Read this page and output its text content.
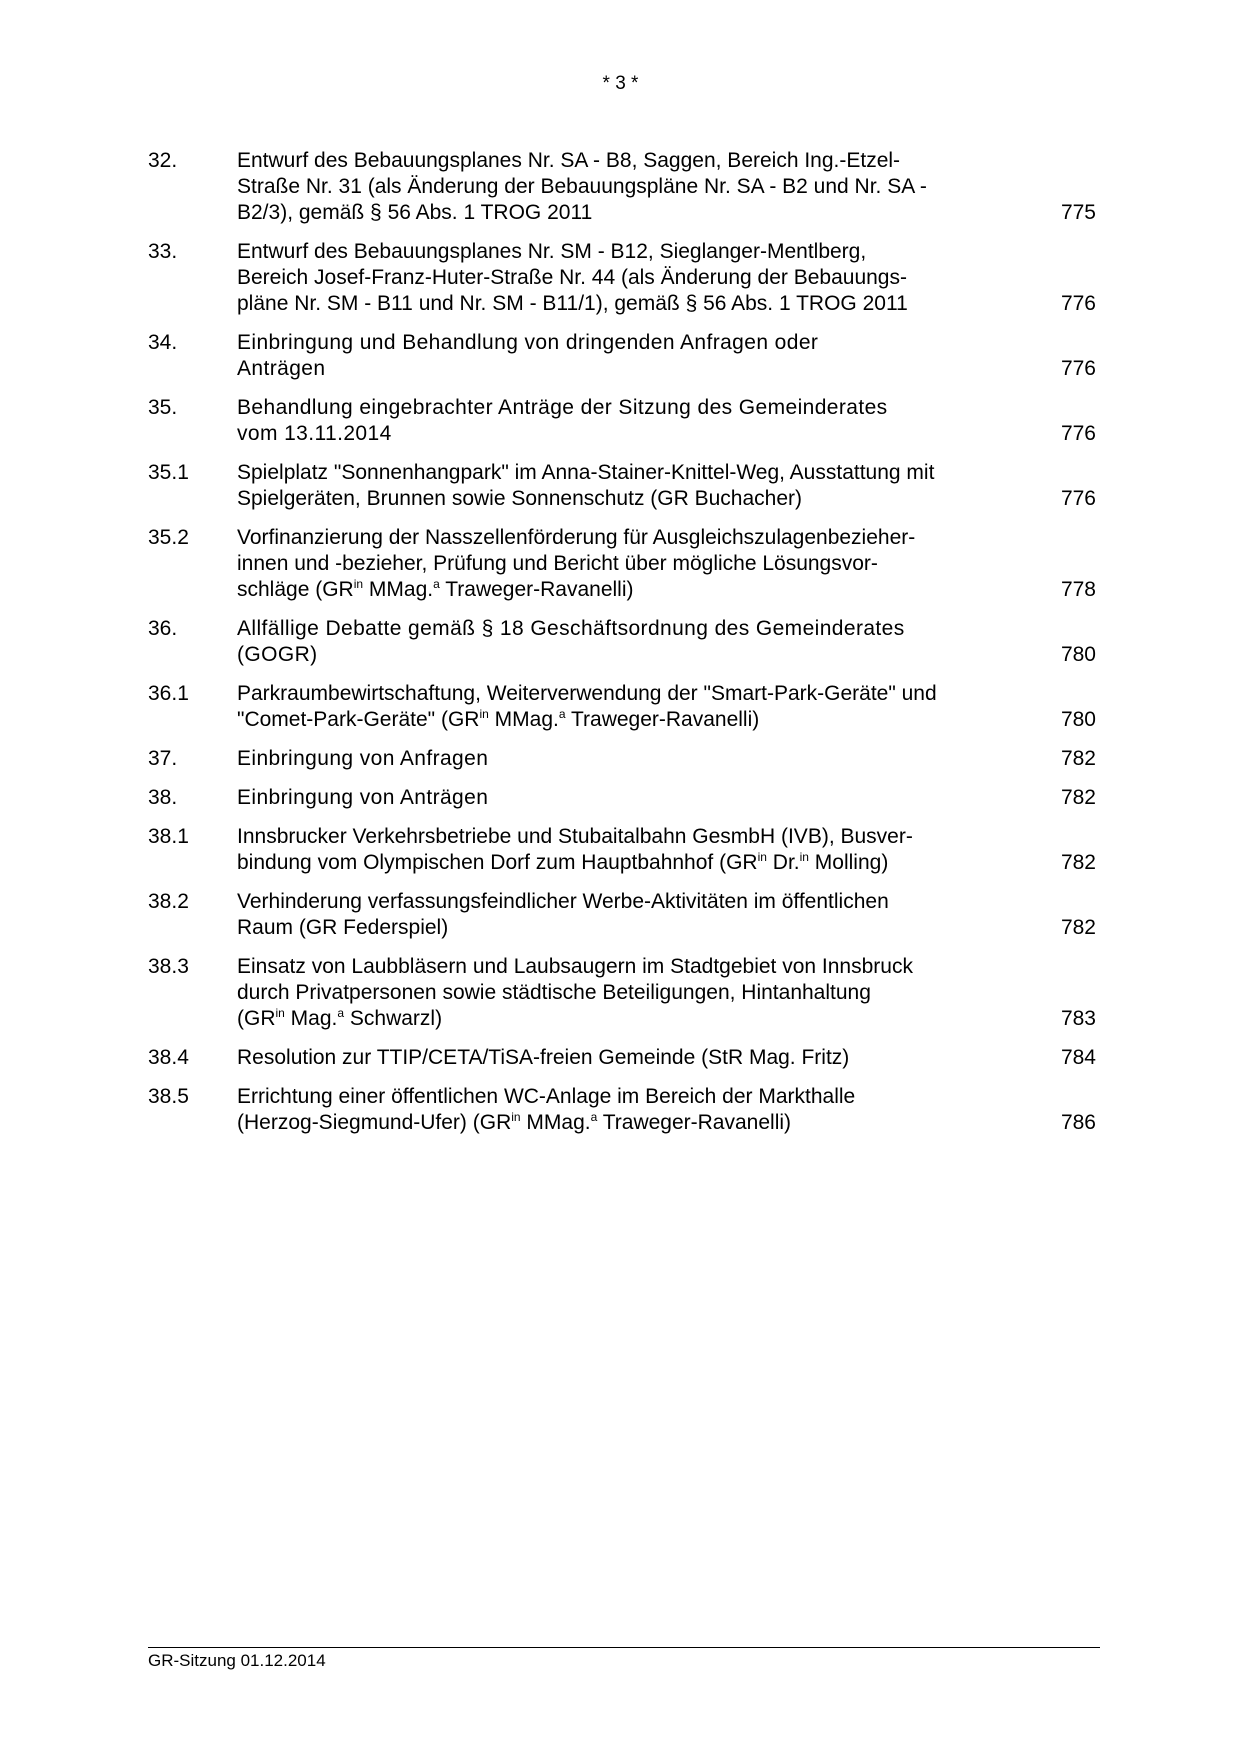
* 3 *
32.	Entwurf des Bebauungsplanes Nr. SA - B8, Saggen, Bereich Ing.-Etzel-
Straße Nr. 31 (als Änderung der Bebauungspläne Nr. SA - B2 und Nr. SA -
B2/3), gemäß § 56 Abs. 1 TROG 2011	775
33.	Entwurf des Bebauungsplanes Nr. SM - B12, Sieglanger-Mentlberg,
Bereich Josef-Franz-Huter-Straße Nr. 44 (als Änderung der Bebauungs-
pläne Nr. SM - B11 und Nr. SM - B11/1), gemäß § 56 Abs. 1 TROG 2011	776
34.	Einbringung und Behandlung von dringenden Anfragen oder
Anträgen	776
35.	Behandlung eingebrachter Anträge der Sitzung des Gemeinderates
vom 13.11.2014	776
35.1	Spielplatz "Sonnenhangpark" im Anna-Stainer-Knittel-Weg, Ausstattung mit
Spielgeräten, Brunnen sowie Sonnenschutz (GR Buchacher)	776
35.2	Vorfinanzierung der Nasszellenförderung für Ausgleichszulagenbezieher-
innen und -bezieher, Prüfung und Bericht über mögliche Lösungsvor-
schläge ($GR^{in}$ MMag.$^a$ Traweger-Ravanelli)	778
36.	Allfällige Debatte gemäß § 18 Geschäftsordnung des Gemeinderates
(GOGR)	780
36.1	Parkraumbewirtschaftung, Weiterverwendung der "Smart-Park-Geräte" und
"Comet-Park-Geräte" ($GR^{in}$ MMag.$^a$ Traweger-Ravanelli)	780
37.	Einbringung von Anfragen	782
38.	Einbringung von Anträgen	782
38.1	Innsbrucker Verkehrsbetriebe und Stubaitalbahn GesmbH (IVB), Busver-
bindung vom Olympischen Dorf zum Hauptbahnhof ($GR^{in}$ Dr.$^{in}$ Molling)	782
38.2	Verhinderung verfassungsfeindlicher Werbe-Aktivitäten im öffentlichen
Raum (GR Federspiel)	782
38.3	Einsatz von Laubbläsern und Laubsaugern im Stadtgebiet von Innsbruck
durch Privatpersonen sowie städtische Beteiligungen, Hintanhaltung
($GR^{in}$ Mag.$^a$ Schwarzl)	783
38.4	Resolution zur TTIP/CETA/TiSA-freien Gemeinde (StR Mag. Fritz)	784
38.5	Errichtung einer öffentlichen WC-Anlage im Bereich der Markthalle
(Herzog-Siegmund-Ufer) ($GR^{in}$ MMag.$^a$ Traweger-Ravanelli)	786
GR-Sitzung 01.12.2014
